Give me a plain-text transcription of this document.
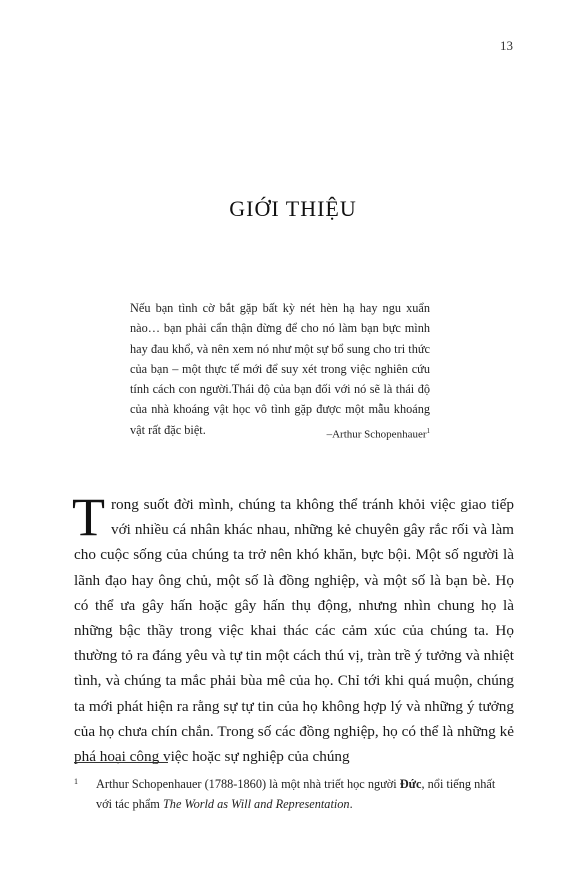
13
GIỚI THIỆU
Nếu bạn tình cờ bắt gặp bất kỳ nét hèn hạ hay ngu xuẩn nào… bạn phải cẩn thận đừng để cho nó làm bạn bực mình hay đau khổ, và nên xem nó như một sự bổ sung cho tri thức của bạn – một thực tế mới để suy xét trong việc nghiên cứu tính cách con người.Thái độ của bạn đối với nó sẽ là thái độ của nhà khoáng vật học vô tình gặp được một mẫu khoáng vật rất đặc biệt.	–Arthur Schopenhauer$^1$

Trong suốt đời mình, chúng ta không thể tránh khỏi việc giao tiếp với nhiều cá nhân khác nhau, những kẻ chuyên gây rắc rối và làm cho cuộc sống của chúng ta trở nên khó khăn, bực bội. Một số người là lãnh đạo hay ông chủ, một số là đồng nghiệp, và một số là bạn bè. Họ có thể ưa gây hấn hoặc gây hấn thụ động, nhưng nhìn chung họ là những bậc thầy trong việc khai thác các cảm xúc của chúng ta. Họ thường tỏ ra đáng yêu và tự tin một cách thú vị, tràn trề ý tưởng và nhiệt tình, và chúng ta mắc phải bùa mê của họ. Chỉ tới khi quá muộn, chúng ta mới phát hiện ra rằng sự tự tin của họ không hợp lý và những ý tưởng của họ chưa chín chắn. Trong số các đồng nghiệp, họ có thể là những kẻ phá hoại công việc hoặc sự nghiệp của chúng

1	Arthur Schopenhauer (1788-1860) là một nhà triết học người Đức, nổi tiếng nhất với tác phẩm The World as Will and Representation.
